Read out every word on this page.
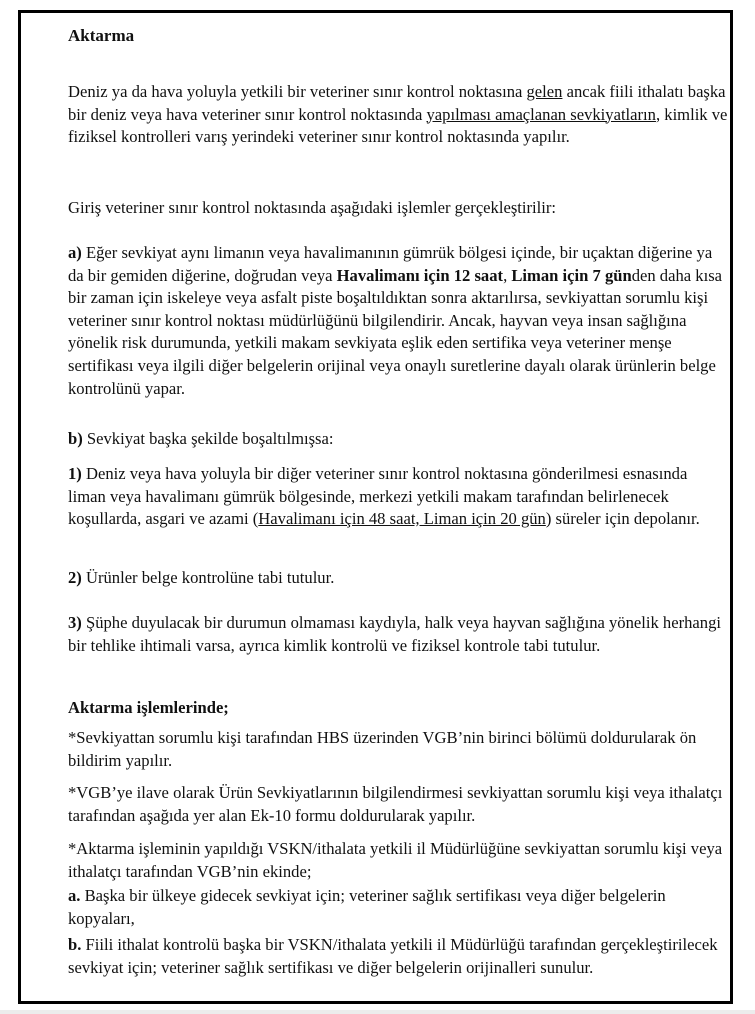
Aktarma

Deniz ya da hava yoluyla yetkili bir veteriner sınır kontrol noktasına gelen ancak fiili ithalatı başka bir deniz veya hava veteriner sınır kontrol noktasında yapılması amaçlanan sevkiyatların, kimlik ve fiziksel kontrolleri varış yerindeki veteriner sınır kontrol noktasında yapılır.

Giriş veteriner sınır kontrol noktasında aşağıdaki işlemler gerçekleştirilir:

a) Eğer sevkiyat aynı limanın veya havalimanının gümrük bölgesi içinde, bir uçaktan diğerine ya da bir gemiden diğerine, doğrudan veya Havalimanı için 12 saat, Liman için 7 günden daha kısa bir zaman için iskeleye veya asfalt piste boşaltıldıktan sonra aktarılırsa, sevkiyattan sorumlu kişi veteriner sınır kontrol noktası müdürlüğünü bilgilendirir. Ancak, hayvan veya insan sağlığına yönelik risk durumunda, yetkili makam sevkiyata eşlik eden sertifika veya veteriner menşe sertifikası veya ilgili diğer belgelerin orijinal veya onaylı suretlerine dayalı olarak ürünlerin belge kontrolünü yapar.

b) Sevkiyat başka şekilde boşaltılmışsa:

1) Deniz veya hava yoluyla bir diğer veteriner sınır kontrol noktasına gönderilmesi esnasında liman veya havalimanı gümrük bölgesinde, merkezi yetkili makam tarafından belirlenecek koşullarda, asgari ve azami (Havalimanı için 48 saat, Liman için 20 gün) süreler için depolanır.

2) Ürünler belge kontrolüne tabi tutulur.

3) Şüphe duyulacak bir durumun olmaması kaydıyla, halk veya hayvan sağlığına yönelik herhangi bir tehlike ihtimali varsa, ayrıca kimlik kontrolü ve fiziksel kontrole tabi tutulur.

Aktarma işlemlerinde;

*Sevkiyattan sorumlu kişi tarafından HBS üzerinden VGB’nin birinci bölümü doldurularak ön bildirim yapılır.

*VGB’ye ilave olarak Ürün Sevkiyatlarının bilgilendirmesi sevkiyattan sorumlu kişi veya ithalatçı tarafından aşağıda yer alan Ek-10 formu doldurularak yapılır.

*Aktarma işleminin yapıldığı VSKN/ithalata yetkili il Müdürlüğüne sevkiyattan sorumlu kişi veya ithalatçı tarafından VGB’nin ekinde;

a. Başka bir ülkeye gidecek sevkiyat için; veteriner sağlık sertifikası veya diğer belgelerin kopyaları,

b. Fiili ithalat kontrolü başka bir VSKN/ithalata yetkili il Müdürlüğü tarafından gerçekleştirilecek sevkiyat için; veteriner sağlık sertifikası ve diğer belgelerin orijinalleri sunulur.
